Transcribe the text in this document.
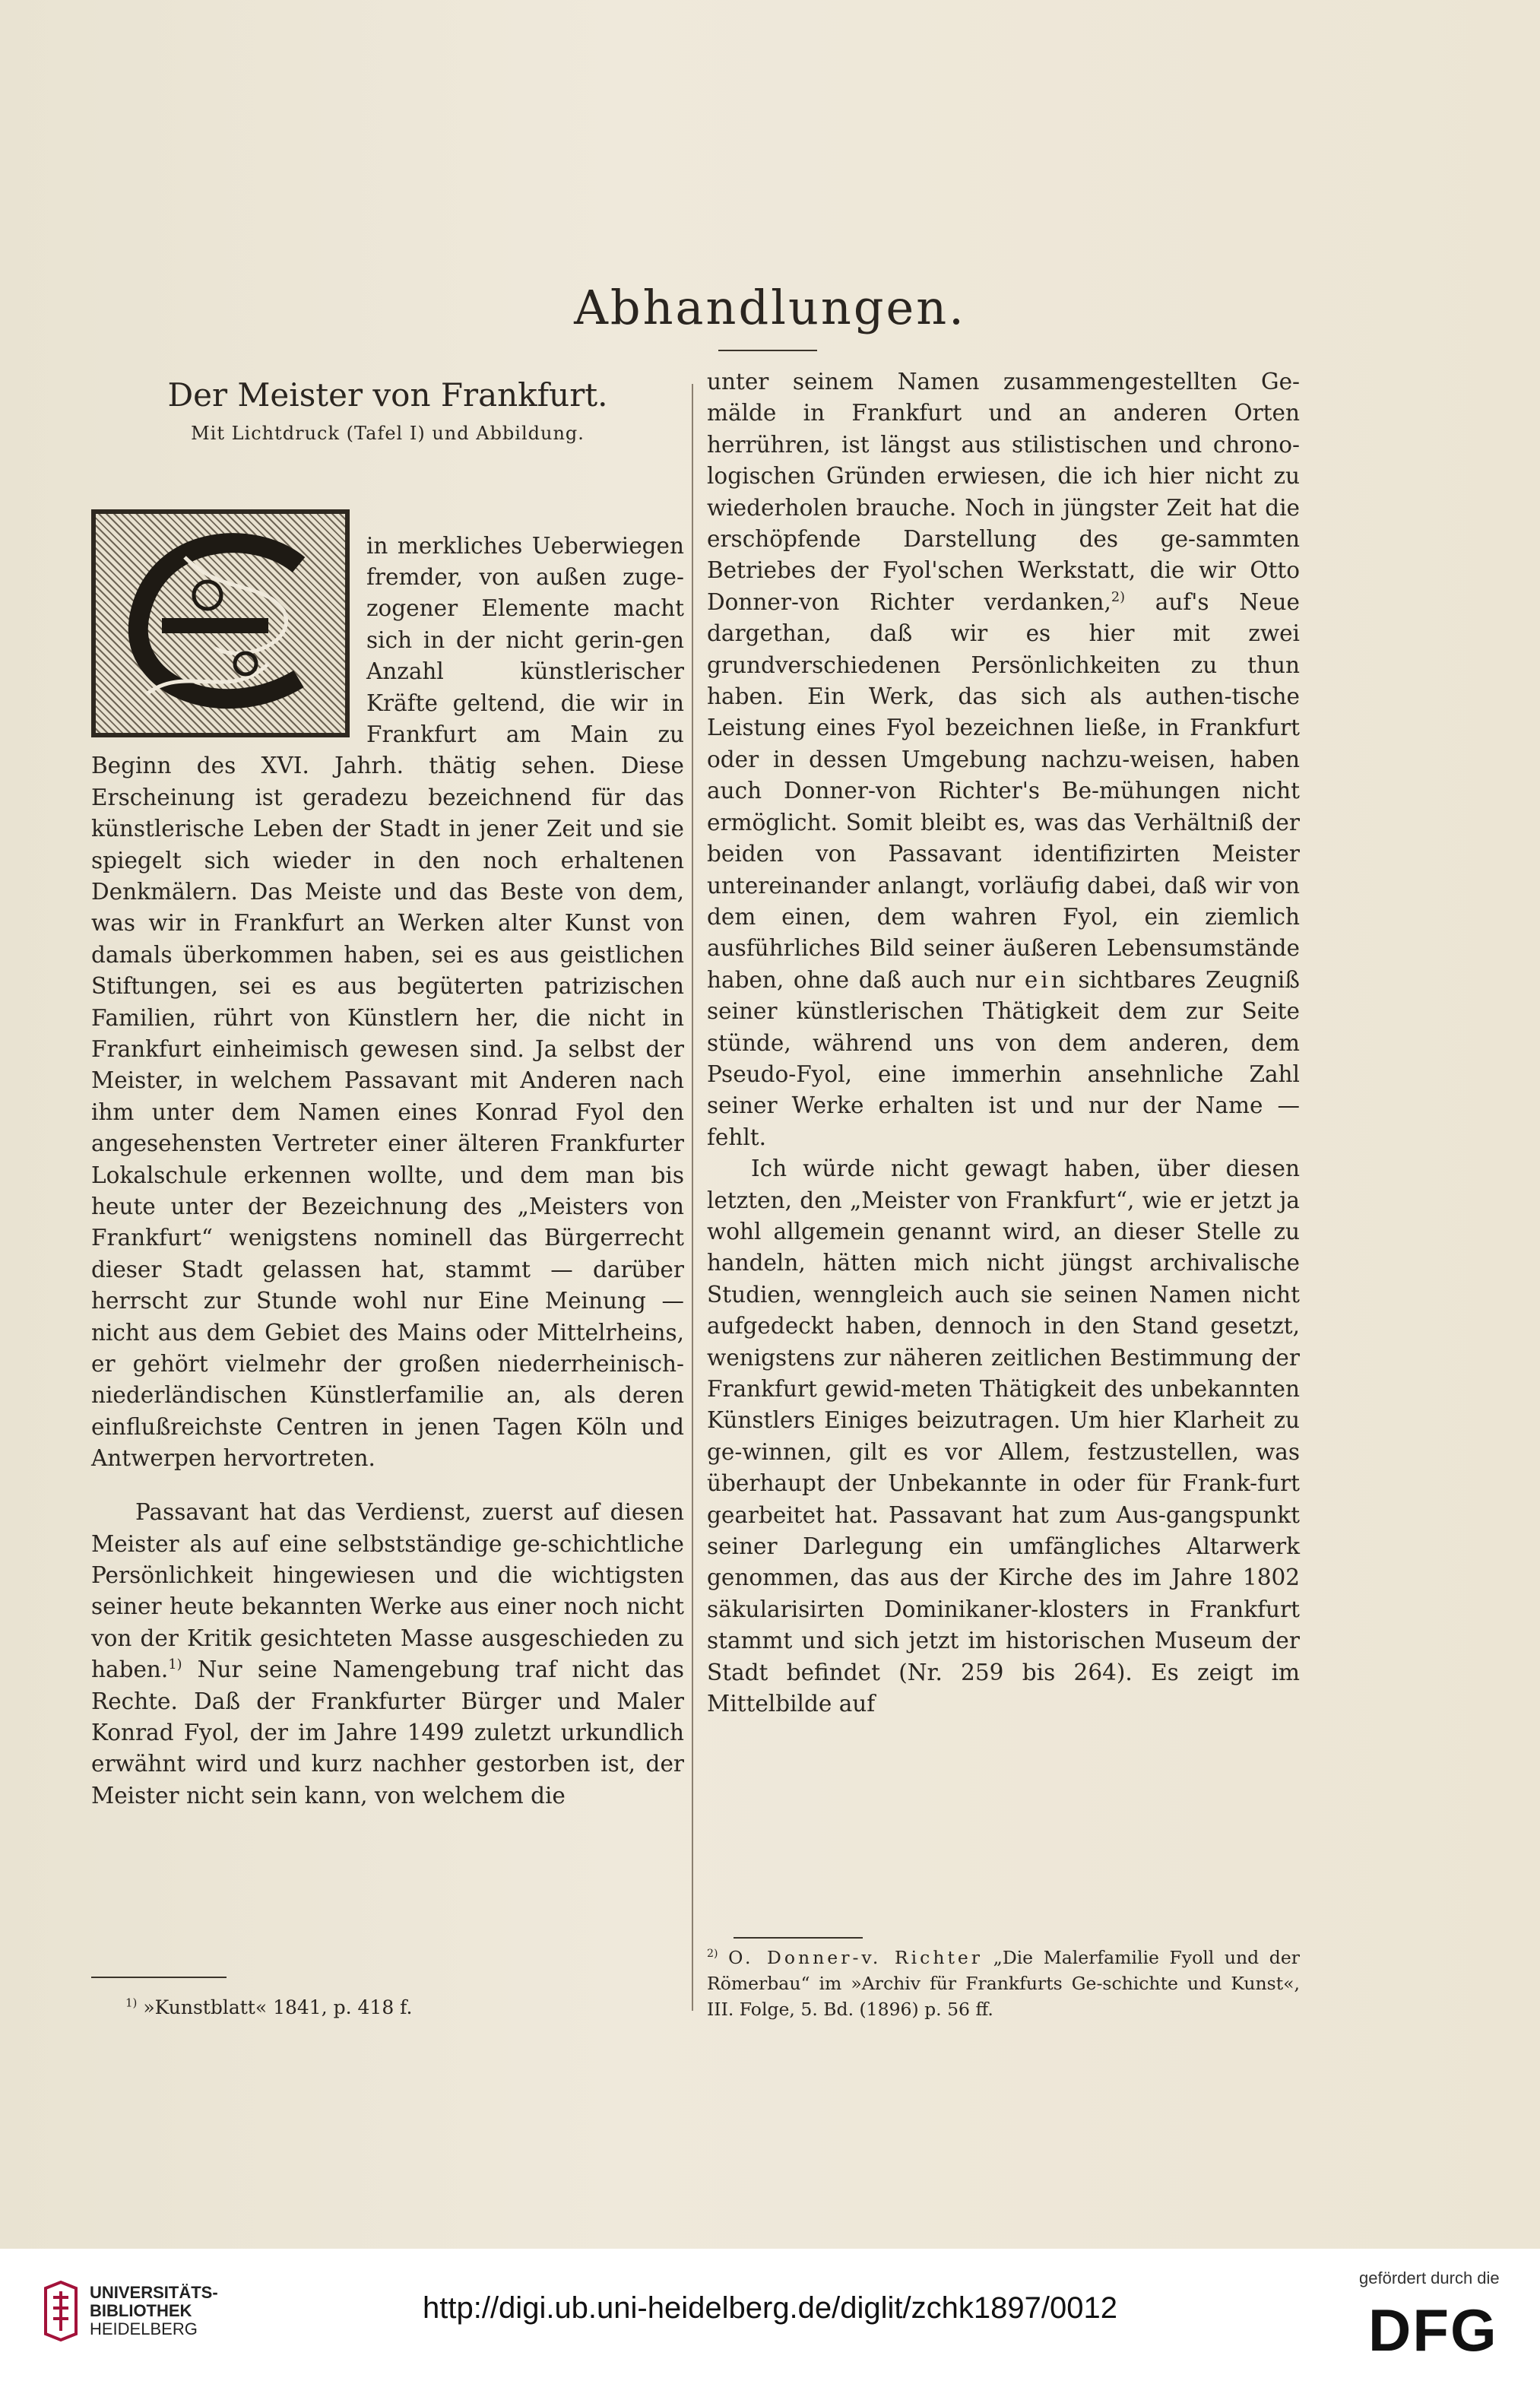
Abhandlungen.
Der Meister von Frankfurt.
Mit Lichtdruck (Tafel I) und Abbildung.

in merkliches Ueberwiegen fremder, von außen zuge-zogener Elemente macht sich in der nicht gerin-gen Anzahl künstlerischer Kräfte geltend, die wir in Frankfurt am Main zu Beginn des XVI. Jahrh. thätig sehen. Diese Erscheinung ist geradezu bezeichnend für das künstlerische Leben der Stadt in jener Zeit und sie spiegelt sich wieder in den noch erhaltenen Denkmälern. Das Meiste und das Beste von dem, was wir in Frankfurt an Werken alter Kunst von damals überkommen haben, sei es aus geistlichen Stiftungen, sei es aus begüterten patrizischen Familien, rührt von Künstlern her, die nicht in Frankfurt einheimisch gewesen sind. Ja selbst der Meister, in welchem Passavant mit Anderen nach ihm unter dem Namen eines Konrad Fyol den angesehensten Vertreter einer älteren Frankfurter Lokalschule erkennen wollte, und dem man bis heute unter der Bezeichnung des „Meisters von Frankfurt“ wenigstens nominell das Bürgerrecht dieser Stadt gelassen hat, stammt — darüber herrscht zur Stunde wohl nur Eine Meinung — nicht aus dem Gebiet des Mains oder Mittelrheins, er gehört vielmehr der großen niederrheinisch-niederländischen Künstlerfamilie an, als deren einflußreichste Centren in jenen Tagen Köln und Antwerpen hervortreten.

Passavant hat das Verdienst, zuerst auf diesen Meister als auf eine selbstständige ge-schichtliche Persönlichkeit hingewiesen und die wichtigsten seiner heute bekannten Werke aus einer noch nicht von der Kritik gesichteten Masse ausgeschieden zu haben.$^{1)}$ Nur seine Namengebung traf nicht das Rechte. Daß der Frankfurter Bürger und Maler Konrad Fyol, der im Jahre 1499 zuletzt urkundlich erwähnt wird und kurz nachher gestorben ist, der Meister nicht sein kann, von welchem die

unter seinem Namen zusammengestellten Ge-mälde in Frankfurt und an anderen Orten herrühren, ist längst aus stilistischen und chrono-logischen Gründen erwiesen, die ich hier nicht zu wiederholen brauche. Noch in jüngster Zeit hat die erschöpfende Darstellung des ge-sammten Betriebes der Fyol'schen Werkstatt, die wir Otto Donner-von Richter verdanken,$^{2)}$ auf's Neue dargethan, daß wir es hier mit zwei grundverschiedenen Persönlichkeiten zu thun haben. Ein Werk, das sich als authen-tische Leistung eines Fyol bezeichnen ließe, in Frankfurt oder in dessen Umgebung nachzu-weisen, haben auch Donner-von Richter's Be-mühungen nicht ermöglicht. Somit bleibt es, was das Verhältniß der beiden von Passavant identifizirten Meister untereinander anlangt, vorläufig dabei, daß wir von dem einen, dem wahren Fyol, ein ziemlich ausführliches Bild seiner äußeren Lebensumstände haben, ohne daß auch nur ein sichtbares Zeugniß seiner künstlerischen Thätigkeit dem zur Seite stünde, während uns von dem anderen, dem Pseudo-Fyol, eine immerhin ansehnliche Zahl seiner Werke erhalten ist und nur der Name — fehlt.

Ich würde nicht gewagt haben, über diesen letzten, den „Meister von Frankfurt“, wie er jetzt ja wohl allgemein genannt wird, an dieser Stelle zu handeln, hätten mich nicht jüngst archivalische Studien, wenngleich auch sie seinen Namen nicht aufgedeckt haben, dennoch in den Stand gesetzt, wenigstens zur näheren zeitlichen Bestimmung der Frankfurt gewid-meten Thätigkeit des unbekannten Künstlers Einiges beizutragen. Um hier Klarheit zu ge-winnen, gilt es vor Allem, festzustellen, was überhaupt der Unbekannte in oder für Frank-furt gearbeitet hat. Passavant hat zum Aus-gangspunkt seiner Darlegung ein umfängliches Altarwerk genommen, das aus der Kirche des im Jahre 1802 säkularisirten Dominikaner-klosters in Frankfurt stammt und sich jetzt im historischen Museum der Stadt befindet (Nr. 259 bis 264). Es zeigt im Mittelbilde auf

$^{1)}$ »Kunstblatt« 1841, p. 418 f.
$^{2)}$ O. Donner-v. Richter „Die Malerfamilie Fyoll und der Römerbau“ im »Archiv für Frankfurts Ge-schichte und Kunst«, III. Folge, 5. Bd. (1896) p. 56 ff.
UNIVERSITÄTS-
BIBLIOTHEK
HEIDELBERG
http://digi.ub.uni-heidelberg.de/diglit/zchk1897/0012
gefördert durch die
DFG
